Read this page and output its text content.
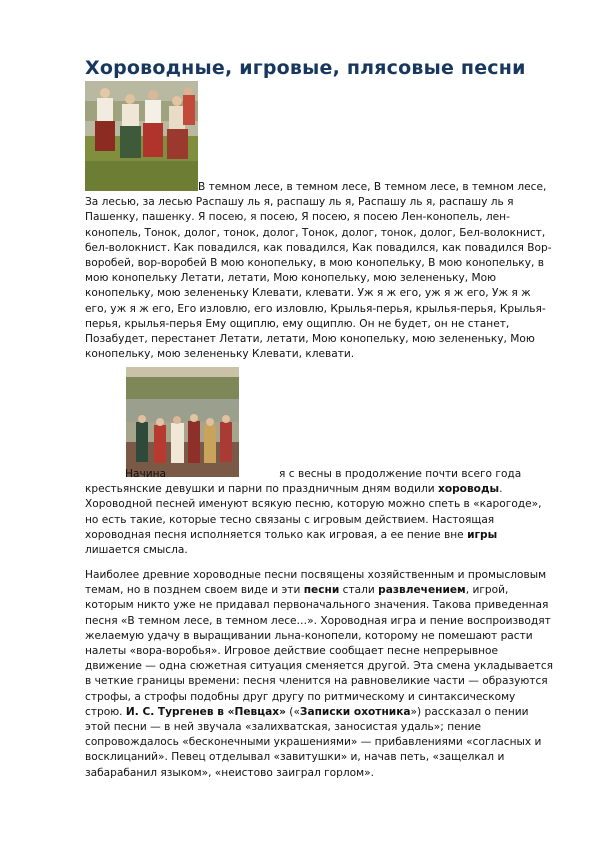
Хороводные, игровые, плясовые песни

В темном лесе, в темном лесе, В темном лесе, в темном лесе, За лесью, за лесью Распашу ль я, распашу ль я, Распашу ль я, распашу ль я Пашенку, пашенку. Я посею, я посею, Я посею, я посею Лен-конопель, лен-конопель, Тонок, долог, тонок, долог, Тонок, долог, тонок, долог, Бел-волокнист, бел-волокнист. Как повадился, как повадился, Как повадился, как повадился Вор-воробей, вор-воробей В мою конопельку, в мою конопельку, В мою конопельку, в мою конопельку Летати, летати, Мою конопельку, мою зелененьку, Мою конопельку, мою зелененьку Клевати, клевати. Уж я ж его, уж я ж его, Уж я ж его, уж я ж его, Его изловлю, его изловлю, Крылья-перья, крылья-перья, Крылья-перья, крылья-перья Ему ощиплю, ему ощиплю. Он не будет, он не станет, Позабудет, перестанет Летати, летати, Мою конопельку, мою зелененьку, Мою конопельку, мою зелененьку Клевати, клевати.

Начина	я с весны в продолжение почти всего года крестьянские девушки и парни по праздничным дням водили хороводы. Хороводной песней именуют всякую песню, которую можно спеть в «карогоде», но есть такие, которые тесно связаны с игровым действием. Настоящая хороводная песня исполняется только как игровая, а ее пение вне игры лишается смысла.

Наиболее древние хороводные песни посвящены хозяйственным и промысловым темам, но в позднем своем виде и эти песни стали развлечением, игрой, которым никто уже не придавал первоначального значения. Такова приведенная песня «В темном лесе, в темном лесе…». Хороводная игра и пение воспроизводят желаемую удачу в выращивании льна-конопели, которому не помешают расти налеты «вора-воробья». Игровое действие сообщает песне непрерывное движение — одна сюжетная ситуация сменяется другой. Эта смена укладывается в четкие границы времени: песня членится на равновеликие части — образуются строфы, а строфы подобны друг другу по ритмическому и синтаксическому строю. И. С. Тургенев в «Певцах» («Записки охотника») рассказал о пении этой песни — в ней звучала «залихватская, заносистая удаль»; пение сопровождалось «бесконечными украшениями» — прибавлениями «согласных и восклицаний». Певец отделывал «завитушки» и, начав петь, «защелкал и забарабанил языком», «неистово заиграл горлом».
